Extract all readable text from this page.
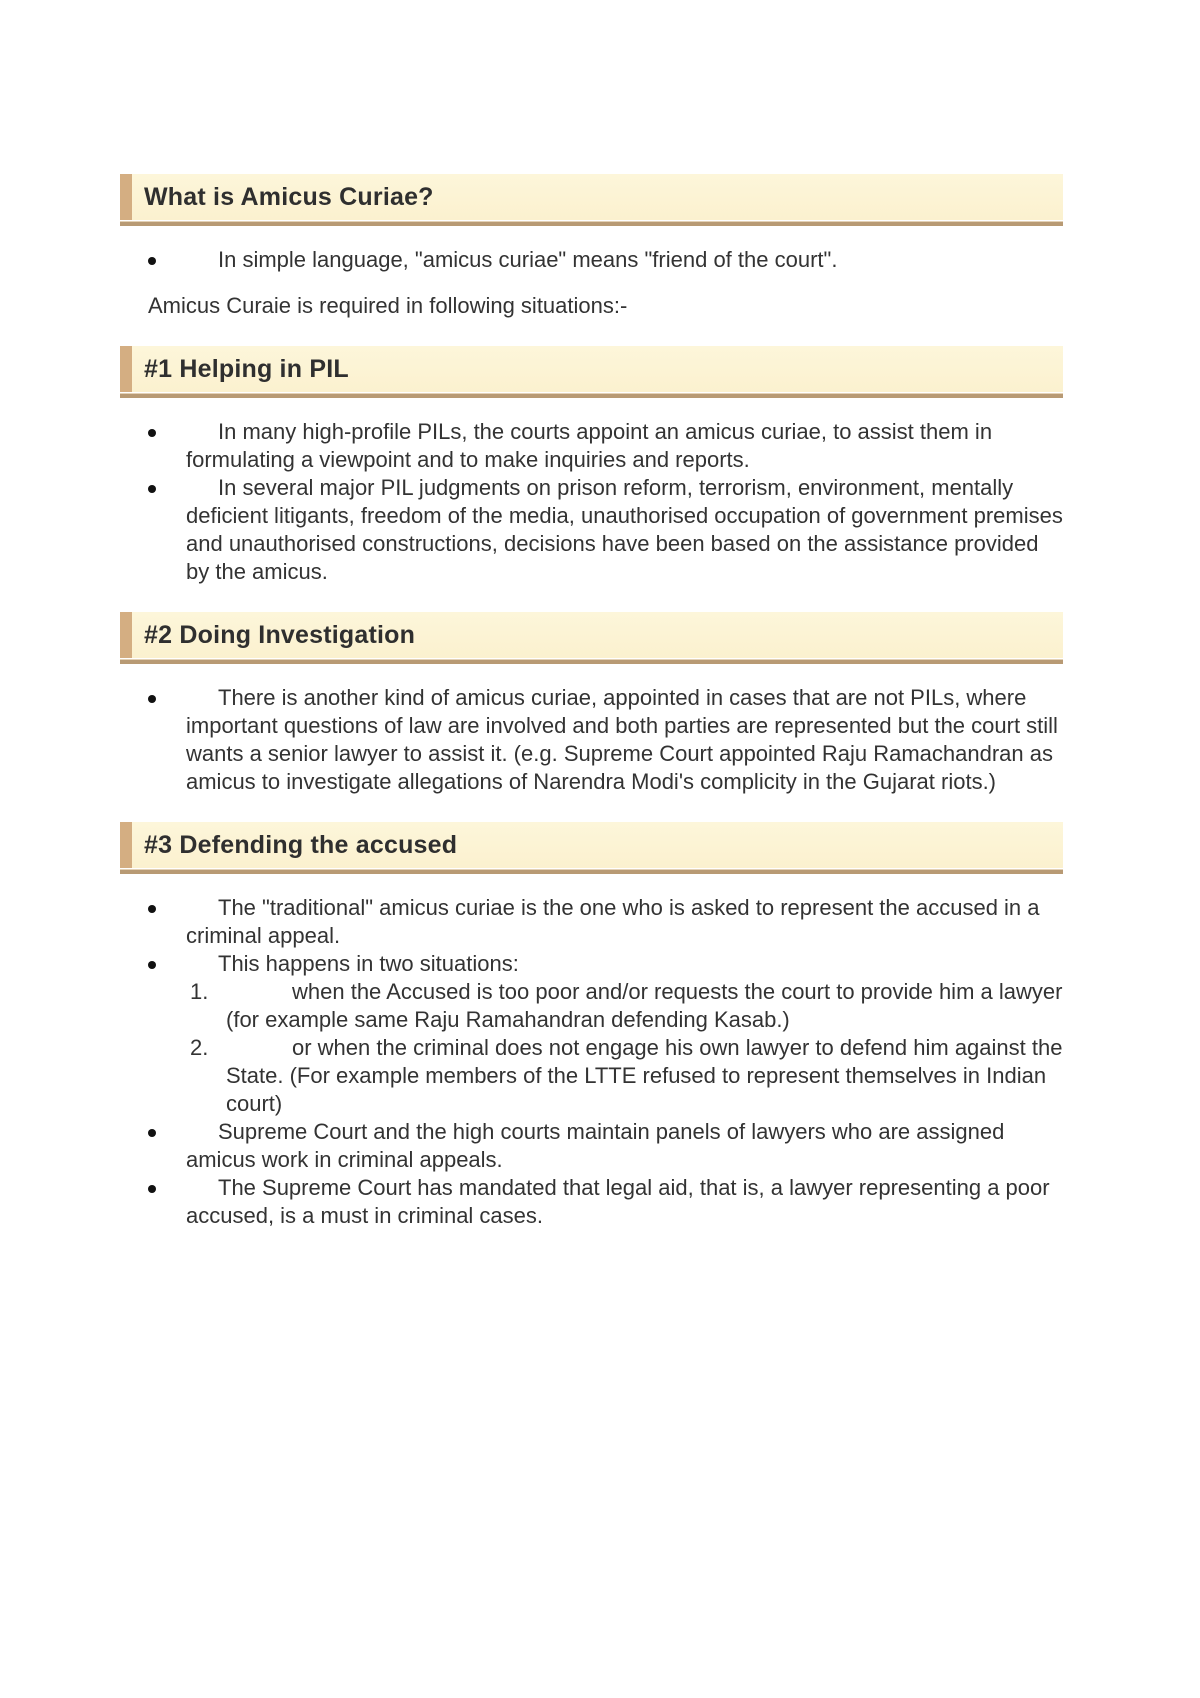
What is Amicus Curiae?
In simple language, "amicus curiae" means "friend of the court".

Amicus Curaie is required in following situations:-

#1 Helping in PIL
In many high-profile PILs, the courts appoint an amicus curiae, to assist them in formulating a viewpoint and to make inquiries and reports.
In several major PIL judgments on prison reform, terrorism, environment, mentally deficient litigants, freedom of the media, unauthorised occupation of government premises and unauthorised constructions, decisions have been based on the assistance provided by the amicus.
#2 Doing Investigation
There is another kind of amicus curiae, appointed in cases that are not PILs, where important questions of law are involved and both parties are represented but the court still wants a senior lawyer to assist it. (e.g. Supreme Court appointed Raju Ramachandran as amicus to investigate allegations of Narendra Modi's complicity in the Gujarat riots.)
#3 Defending the accused
The "traditional" amicus curiae is the one who is asked to represent the accused in a criminal appeal.
This happens in two situations:
1.	when the Accused is too poor and/or requests the court to provide him a lawyer (for example same Raju Ramahandran defending Kasab.)
2.	or when the criminal does not engage his own lawyer to defend him against the State. (For example members of the LTTE refused to represent themselves in Indian court)
Supreme Court and the high courts maintain panels of lawyers who are assigned amicus work in criminal appeals.
The Supreme Court has mandated that legal aid, that is, a lawyer representing a poor accused, is a must in criminal cases.
